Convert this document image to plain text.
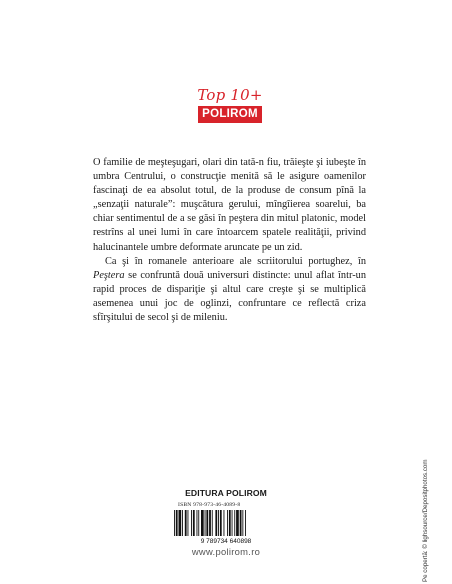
Top 10+
POLIROM

O familie de meşteşugari, olari din tată-n fiu, trăieşte şi iubeşte în umbra Centrului, o construcţie menită să le asigure oamenilor fascinaţi de ea absolut totul, de la produse de consum pînă la „senzaţii naturale”: muşcătura gerului, mîngîierea soarelui, ba chiar sentimentul de a se găsi în peştera din mitul platonic, model restrîns al unei lumi în care întoarcem spatele realităţii, privind halucinantele umbre deformate aruncate pe un zid.

Ca şi în romanele anterioare ale scriitorului portughez, în Peştera se confruntă două universuri distincte: unul aflat într-un rapid proces de dispariţie şi altul care creşte şi se multiplică asemenea unui joc de oglinzi, confruntare ce reflectă criza sfîrşitului de secol şi de mileniu.

Pe copertă: © lighsource/Depositphotos.com
EDITURA POLIROM
ISBN 978-973-46-4089-8
9 789734 640898
www.polirom.ro
